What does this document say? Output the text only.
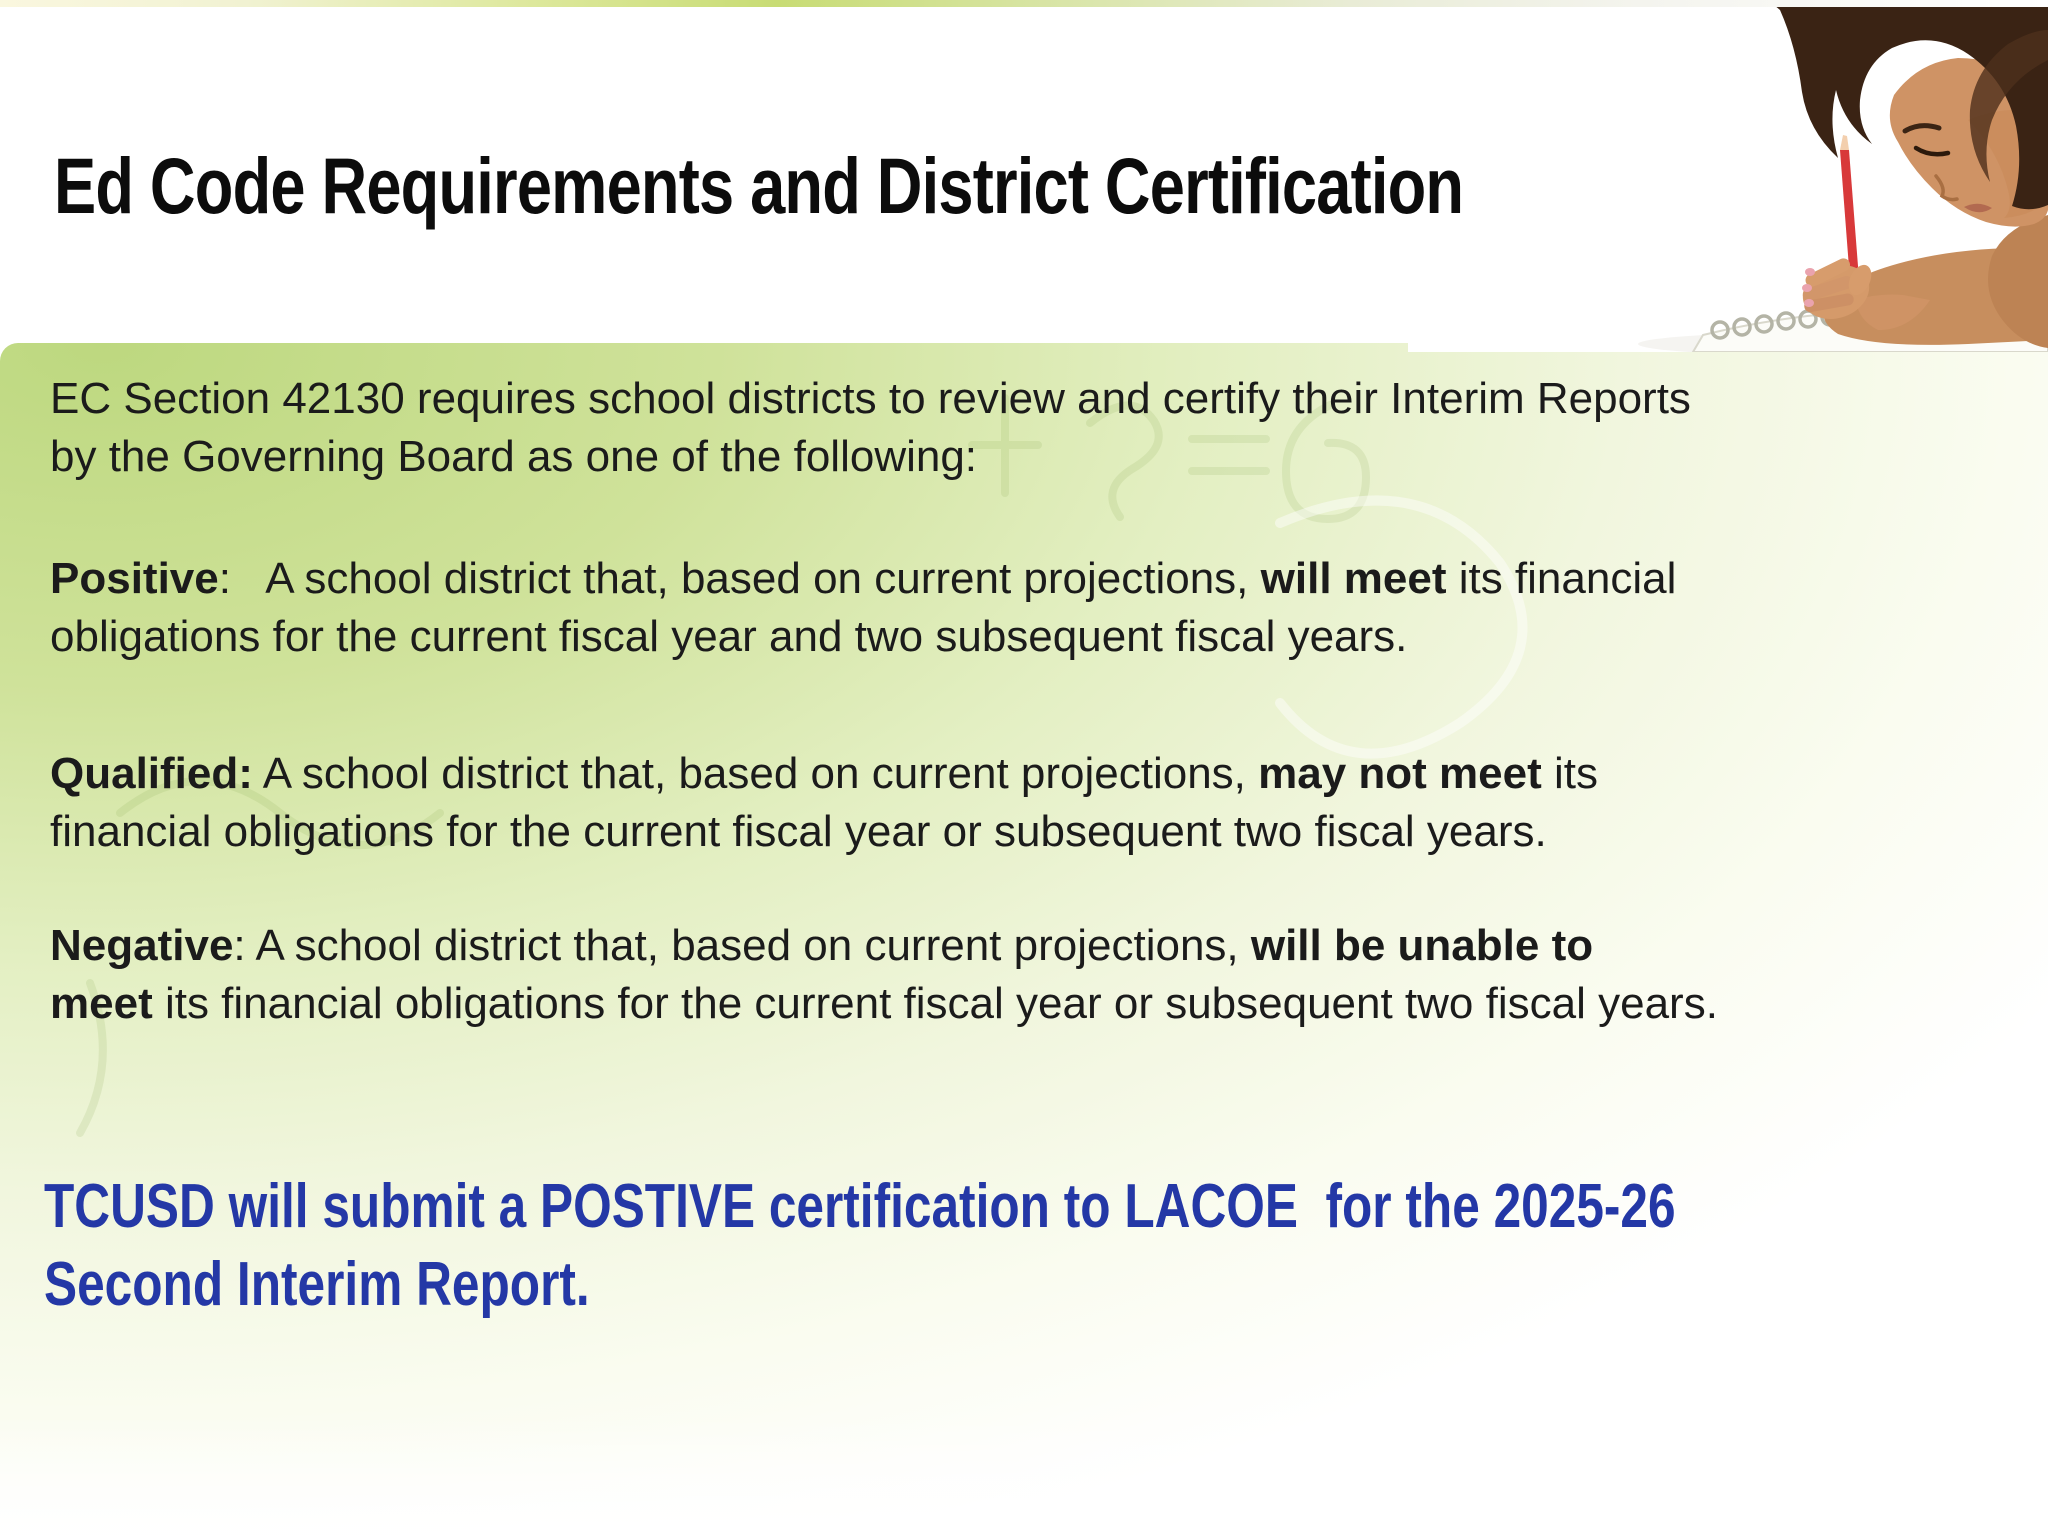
Ed Code Requirements and District Certification
EC Section 42130 requires school districts to review and certify their Interim Reports
by the Governing Board as one of the following:
Positive:   A school district that, based on current projections, will meet its financial
obligations for the current fiscal year and two subsequent fiscal years.
Qualified: A school district that, based on current projections, may not meet its
financial obligations for the current fiscal year or subsequent two fiscal years.
Negative: A school district that, based on current projections, will be unable to
meet its financial obligations for the current fiscal year or subsequent two fiscal years.
TCUSD will submit a POSTIVE certification to LACOE  for the 2025-26
Second Interim Report.
